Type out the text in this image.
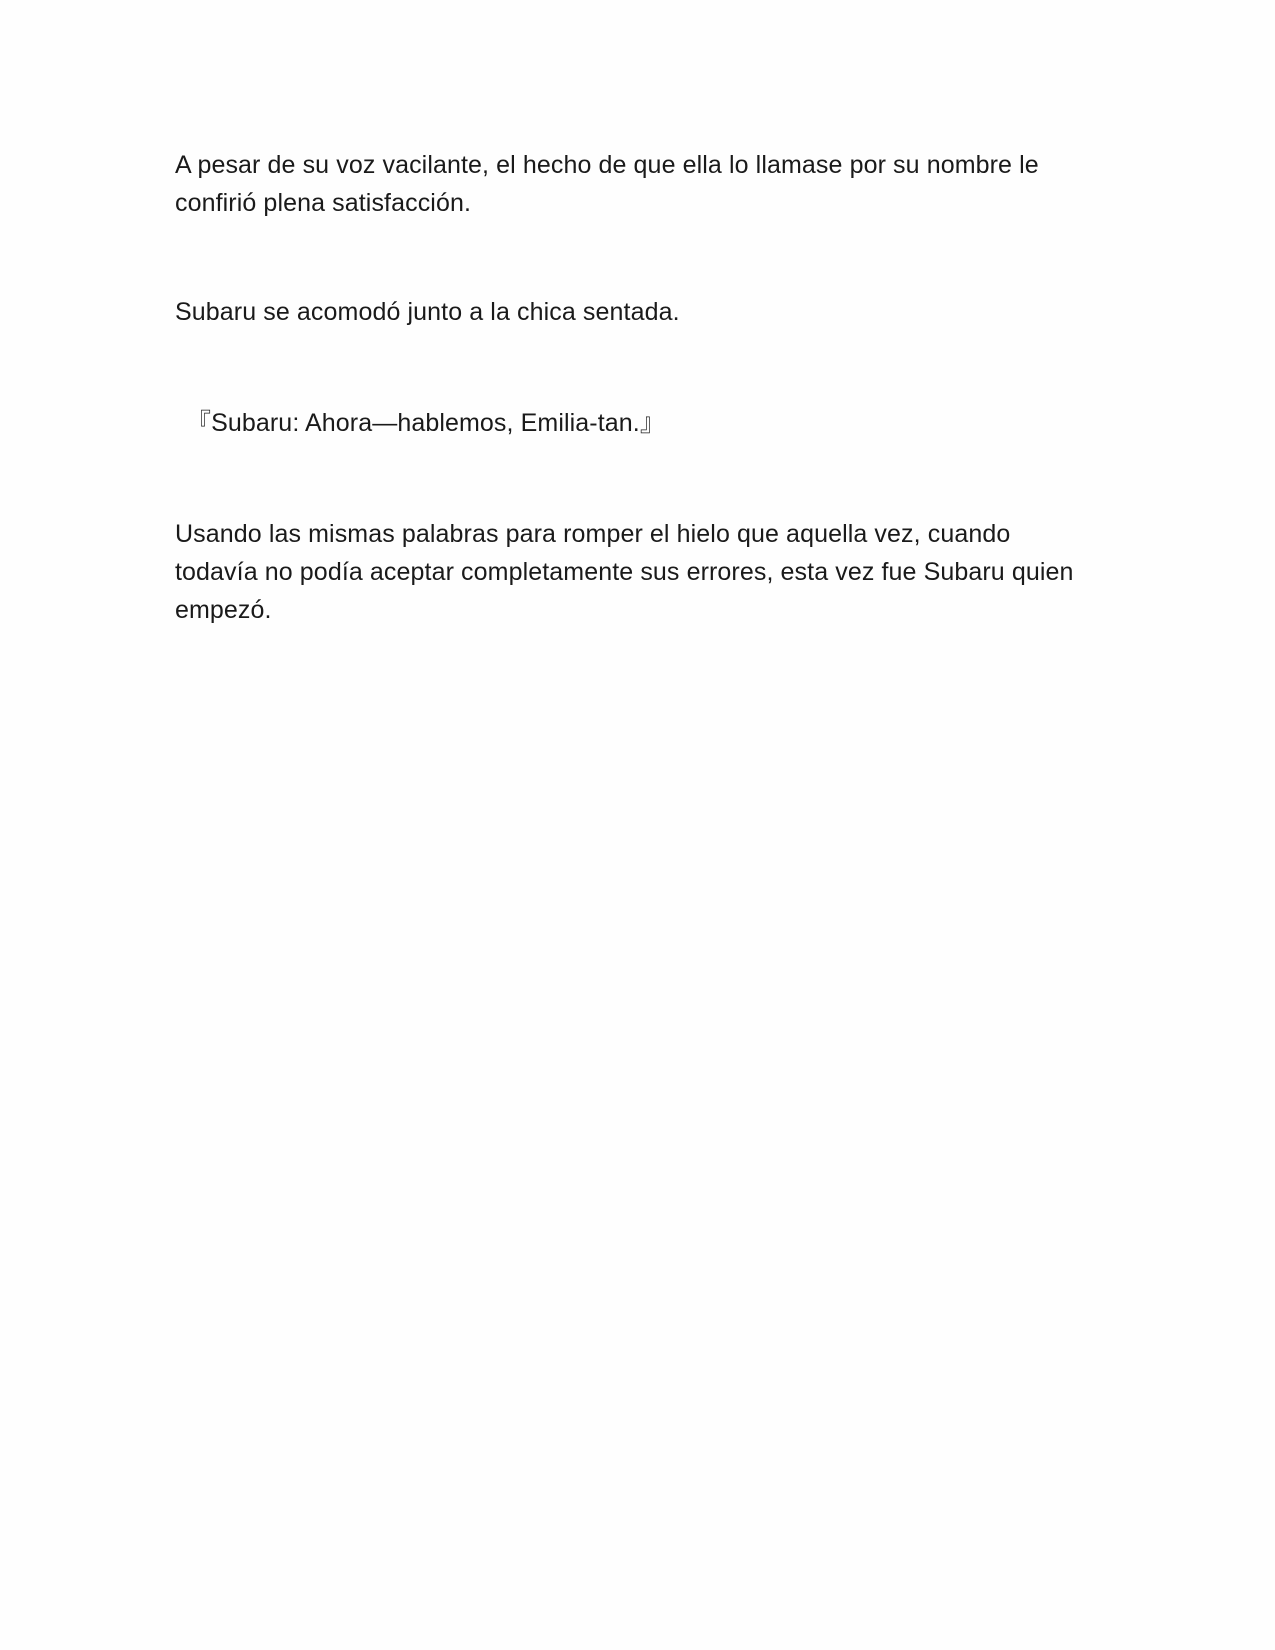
A pesar de su voz vacilante, el hecho de que ella lo llamase por su nombre le confirió plena satisfacción.

Subaru se acomodó junto a la chica sentada.

『Subaru: Ahora—hablemos, Emilia-tan.』

Usando las mismas palabras para romper el hielo que aquella vez, cuando todavía no podía aceptar completamente sus errores, esta vez fue Subaru quien empezó.
